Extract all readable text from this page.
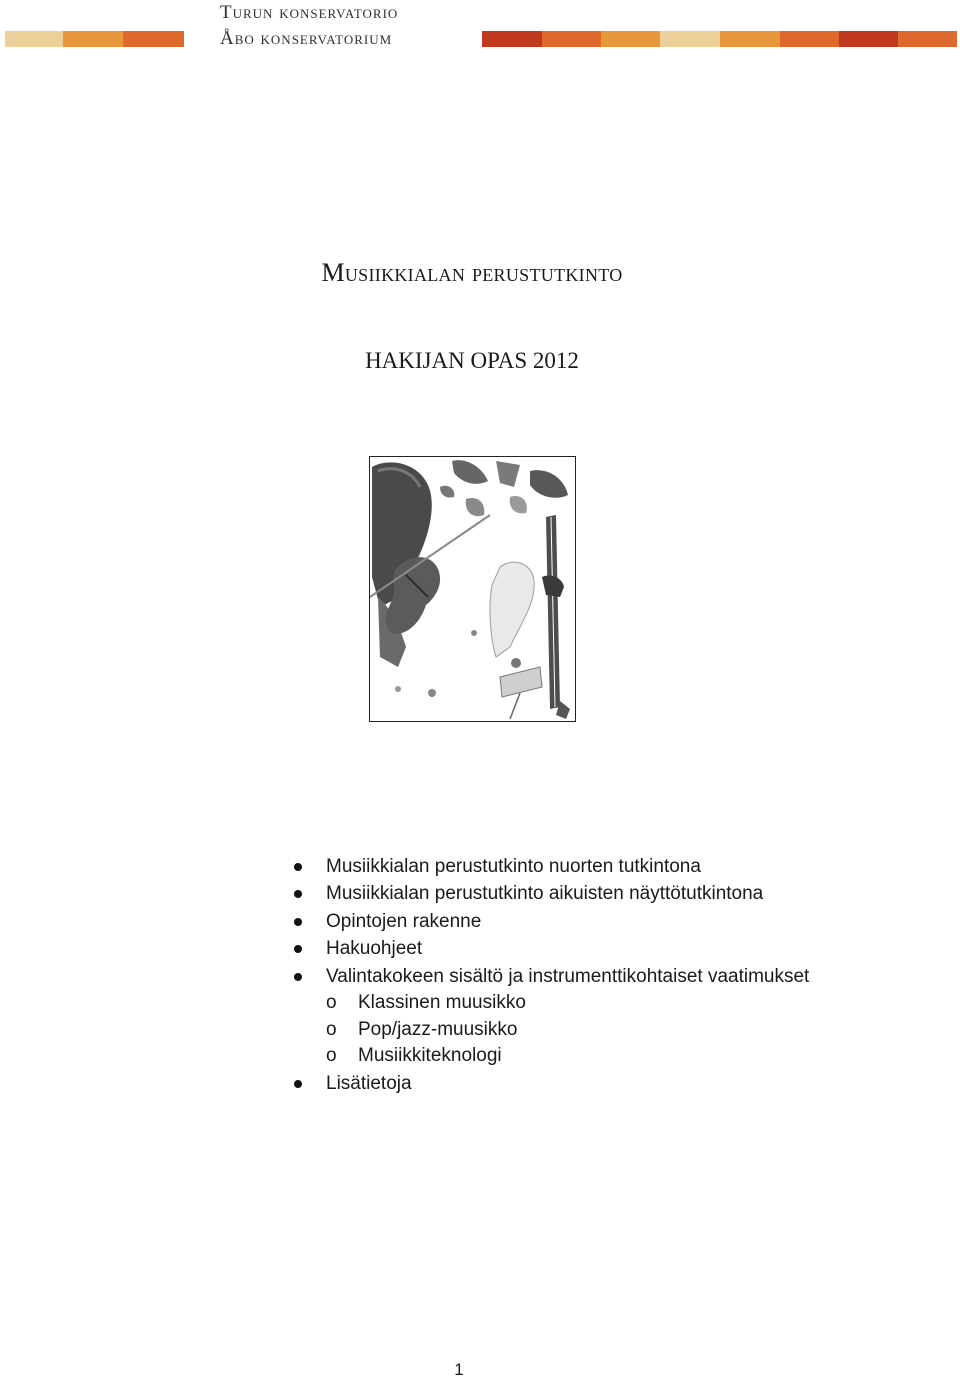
Turun konservatorio
Åbo konservatorium
Musiikkialan perustutkinto
HAKIJAN OPAS 2012
Musiikkialan perustutkinto nuorten tutkintona
Musiikkialan perustutkinto aikuisten näyttötutkintona
Opintojen rakenne
Hakuohjeet
Valintakokeen sisältö ja instrumenttikohtaiset vaatimukset
o Klassinen muusikko
o Pop/jazz-muusikko
o Musiikkiteknologi
Lisätietoja
1
